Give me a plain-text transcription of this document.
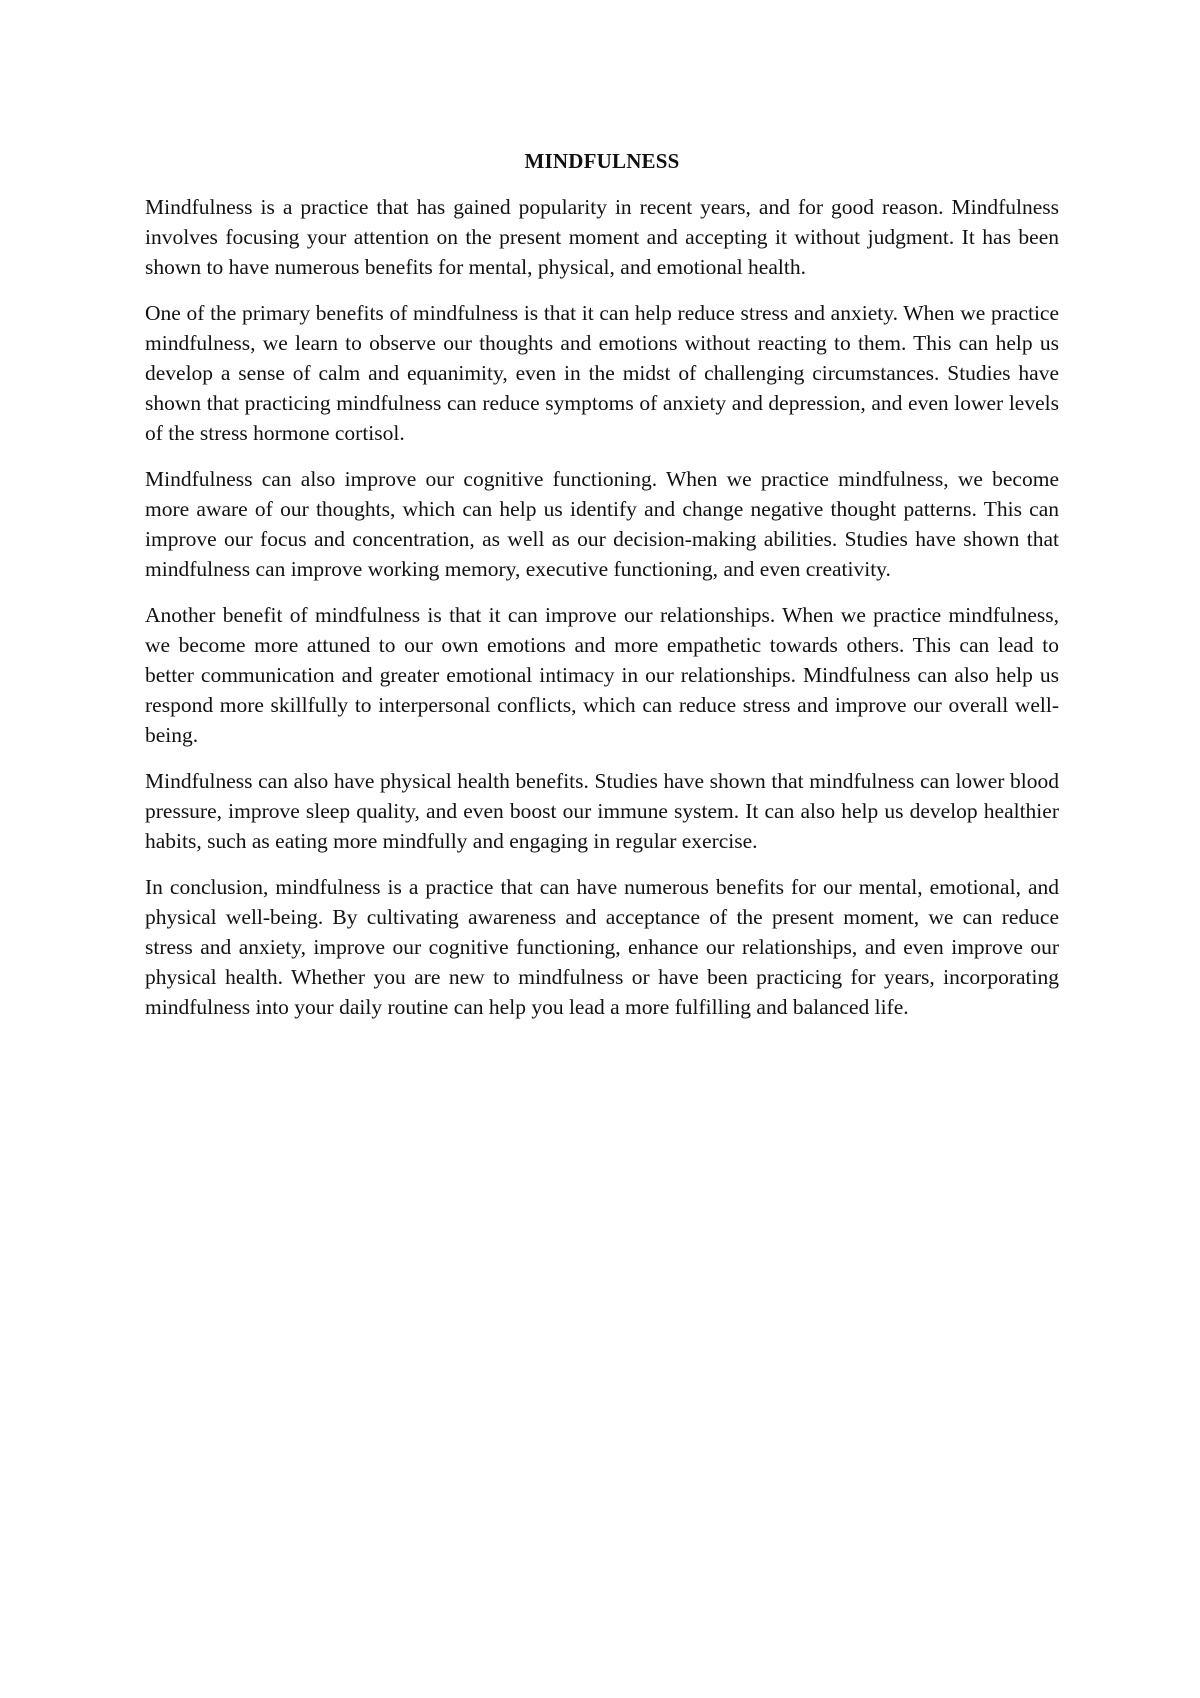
MINDFULNESS

Mindfulness is a practice that has gained popularity in recent years, and for good reason. Mindfulness involves focusing your attention on the present moment and accepting it without judgment. It has been shown to have numerous benefits for mental, physical, and emotional health.

One of the primary benefits of mindfulness is that it can help reduce stress and anxiety. When we practice mindfulness, we learn to observe our thoughts and emotions without reacting to them. This can help us develop a sense of calm and equanimity, even in the midst of challenging circumstances. Studies have shown that practicing mindfulness can reduce symptoms of anxiety and depression, and even lower levels of the stress hormone cortisol.

Mindfulness can also improve our cognitive functioning. When we practice mindfulness, we become more aware of our thoughts, which can help us identify and change negative thought patterns. This can improve our focus and concentration, as well as our decision-making abilities. Studies have shown that mindfulness can improve working memory, executive functioning, and even creativity.

Another benefit of mindfulness is that it can improve our relationships. When we practice mindfulness, we become more attuned to our own emotions and more empathetic towards others. This can lead to better communication and greater emotional intimacy in our relationships. Mindfulness can also help us respond more skillfully to interpersonal conflicts, which can reduce stress and improve our overall well-being.

Mindfulness can also have physical health benefits. Studies have shown that mindfulness can lower blood pressure, improve sleep quality, and even boost our immune system. It can also help us develop healthier habits, such as eating more mindfully and engaging in regular exercise.

In conclusion, mindfulness is a practice that can have numerous benefits for our mental, emotional, and physical well-being. By cultivating awareness and acceptance of the present moment, we can reduce stress and anxiety, improve our cognitive functioning, enhance our relationships, and even improve our physical health. Whether you are new to mindfulness or have been practicing for years, incorporating mindfulness into your daily routine can help you lead a more fulfilling and balanced life.
